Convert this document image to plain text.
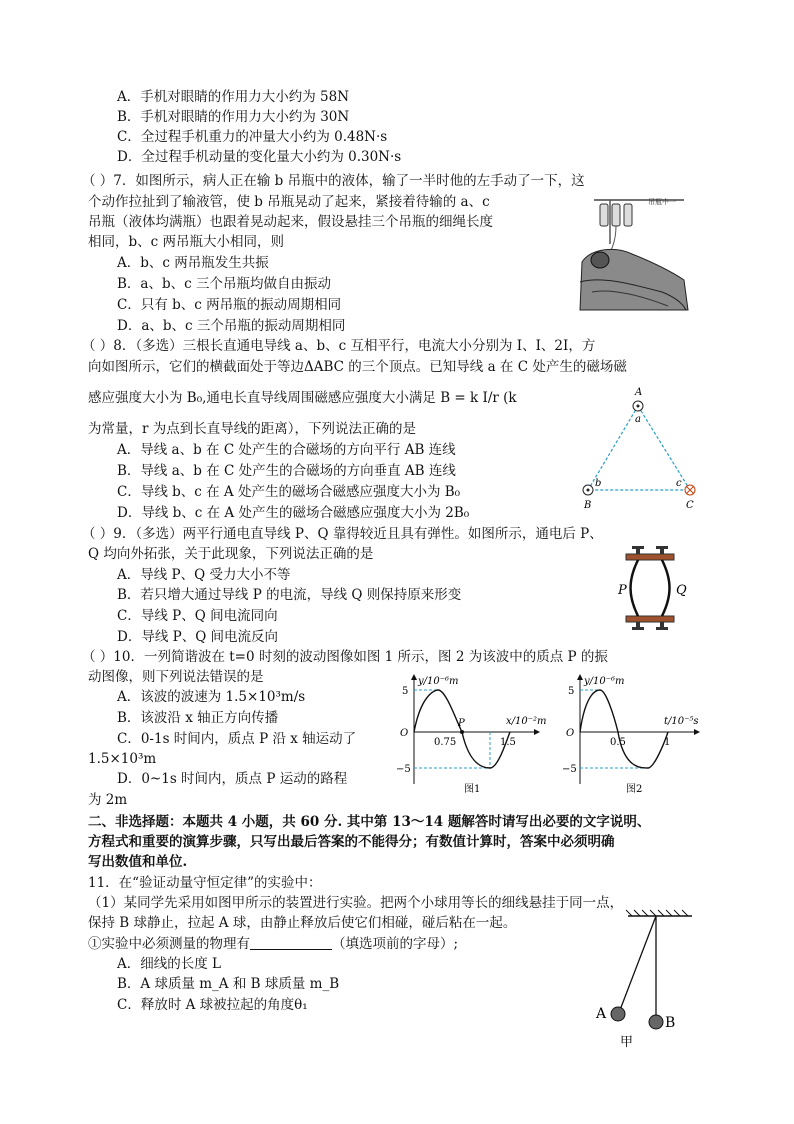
A．手机对眼睛的作用力大小约为 58N
B．手机对眼睛的作用力大小约为 30N
C．全过程手机重力的冲量大小约为 0.48N·s
D．全过程手机动量的变化量大小约为 0.30N·s
（ ）7．如图所示，病人正在输 b 吊瓶中的液体，输了一半时他的左手动了一下，这
个动作拉扯到了输液管，使 b 吊瓶晃动了起来，紧接着待输的 a、c
吊瓶（液体均满瓶）也跟着晃动起来，假设悬挂三个吊瓶的细绳长度
相同，b、c 两吊瓶大小相同，则
A．b、c 两吊瓶发生共振
B．a、b、c 三个吊瓶均做自由振动
C．只有 b、c 两吊瓶的振动周期相同
D．a、b、c 三个吊瓶的振动周期相同
吊瓶中一
（ ）8．（多选）三根长直通电导线 a、b、c 互相平行，电流大小分别为 I、I、2I，方
向如图所示，它们的横截面处于等边ΔABC 的三个顶点。已知导线 a 在 C 处产生的磁场磁
感应强度大小为 B₀,通电长直导线周围磁感应强度大小满足 B = k I/r (k
为常量，r 为点到长直导线的距离），下列说法正确的是
A．导线 a、b 在 C 处产生的合磁场的方向平行 AB 连线
B．导线 a、b 在 C 处产生的合磁场的方向垂直 AB 连线
C．导线 b、c 在 A 处产生的磁场合磁感应强度大小为 B₀
D．导线 b、c 在 A 处产生的磁场合磁感应强度大小为 2B₀
A
a
b
B
c
C
（ ）9．（多选）两平行通电直导线 P、Q 靠得较近且具有弹性。如图所示，通电后 P、
Q 均向外拓张，关于此现象，下列说法正确的是
A．导线 P、Q 受力大小不等
B．若只增大通过导线 P 的电流，导线 Q 则保持原来形变
C．导线 P、Q 间电流同向
D．导线 P、Q 间电流反向
P	Q
（ ）10．一列简谐波在 t=0 时刻的波动图像如图 1 所示，图 2 为该波中的质点 P 的振
动图像，则下列说法错误的是
A．该波的波速为 1.5×10³m/s
B．该波沿 x 轴正方向传播
C．0-1s 时间内，质点 P 沿 x 轴运动了
1.5×10³m
D．0~1s 时间内，质点 P 运动的路程
为 2m
y/10⁻⁶m
x/10⁻²m
5
−5
O
0.75	1.5
P
图1
y/10⁻⁶m
t/10⁻⁵s
5
−5
O
0.5	1
图2
二、非选择题：本题共 4 小题，共 60 分. 其中第 13～14 题解答时请写出必要的文字说明、
方程式和重要的演算步骤，只写出最后答案的不能得分；有数值计算时，答案中必须明确
写出数值和单位.
11．在“验证动量守恒定律”的实验中：
（1）某同学先采用如图甲所示的装置进行实验。把两个小球用等长的细线悬挂于同一点，
保持 B 球静止，拉起 A 球，由静止释放后使它们相碰，碰后粘在一起。
①实验中必须测量的物理有	（填选项前的字母）;
A．细线的长度 L
B．A 球质量 m_A 和 B 球质量 m_B
C．释放时 A 球被拉起的角度θ₁
A
B
甲
